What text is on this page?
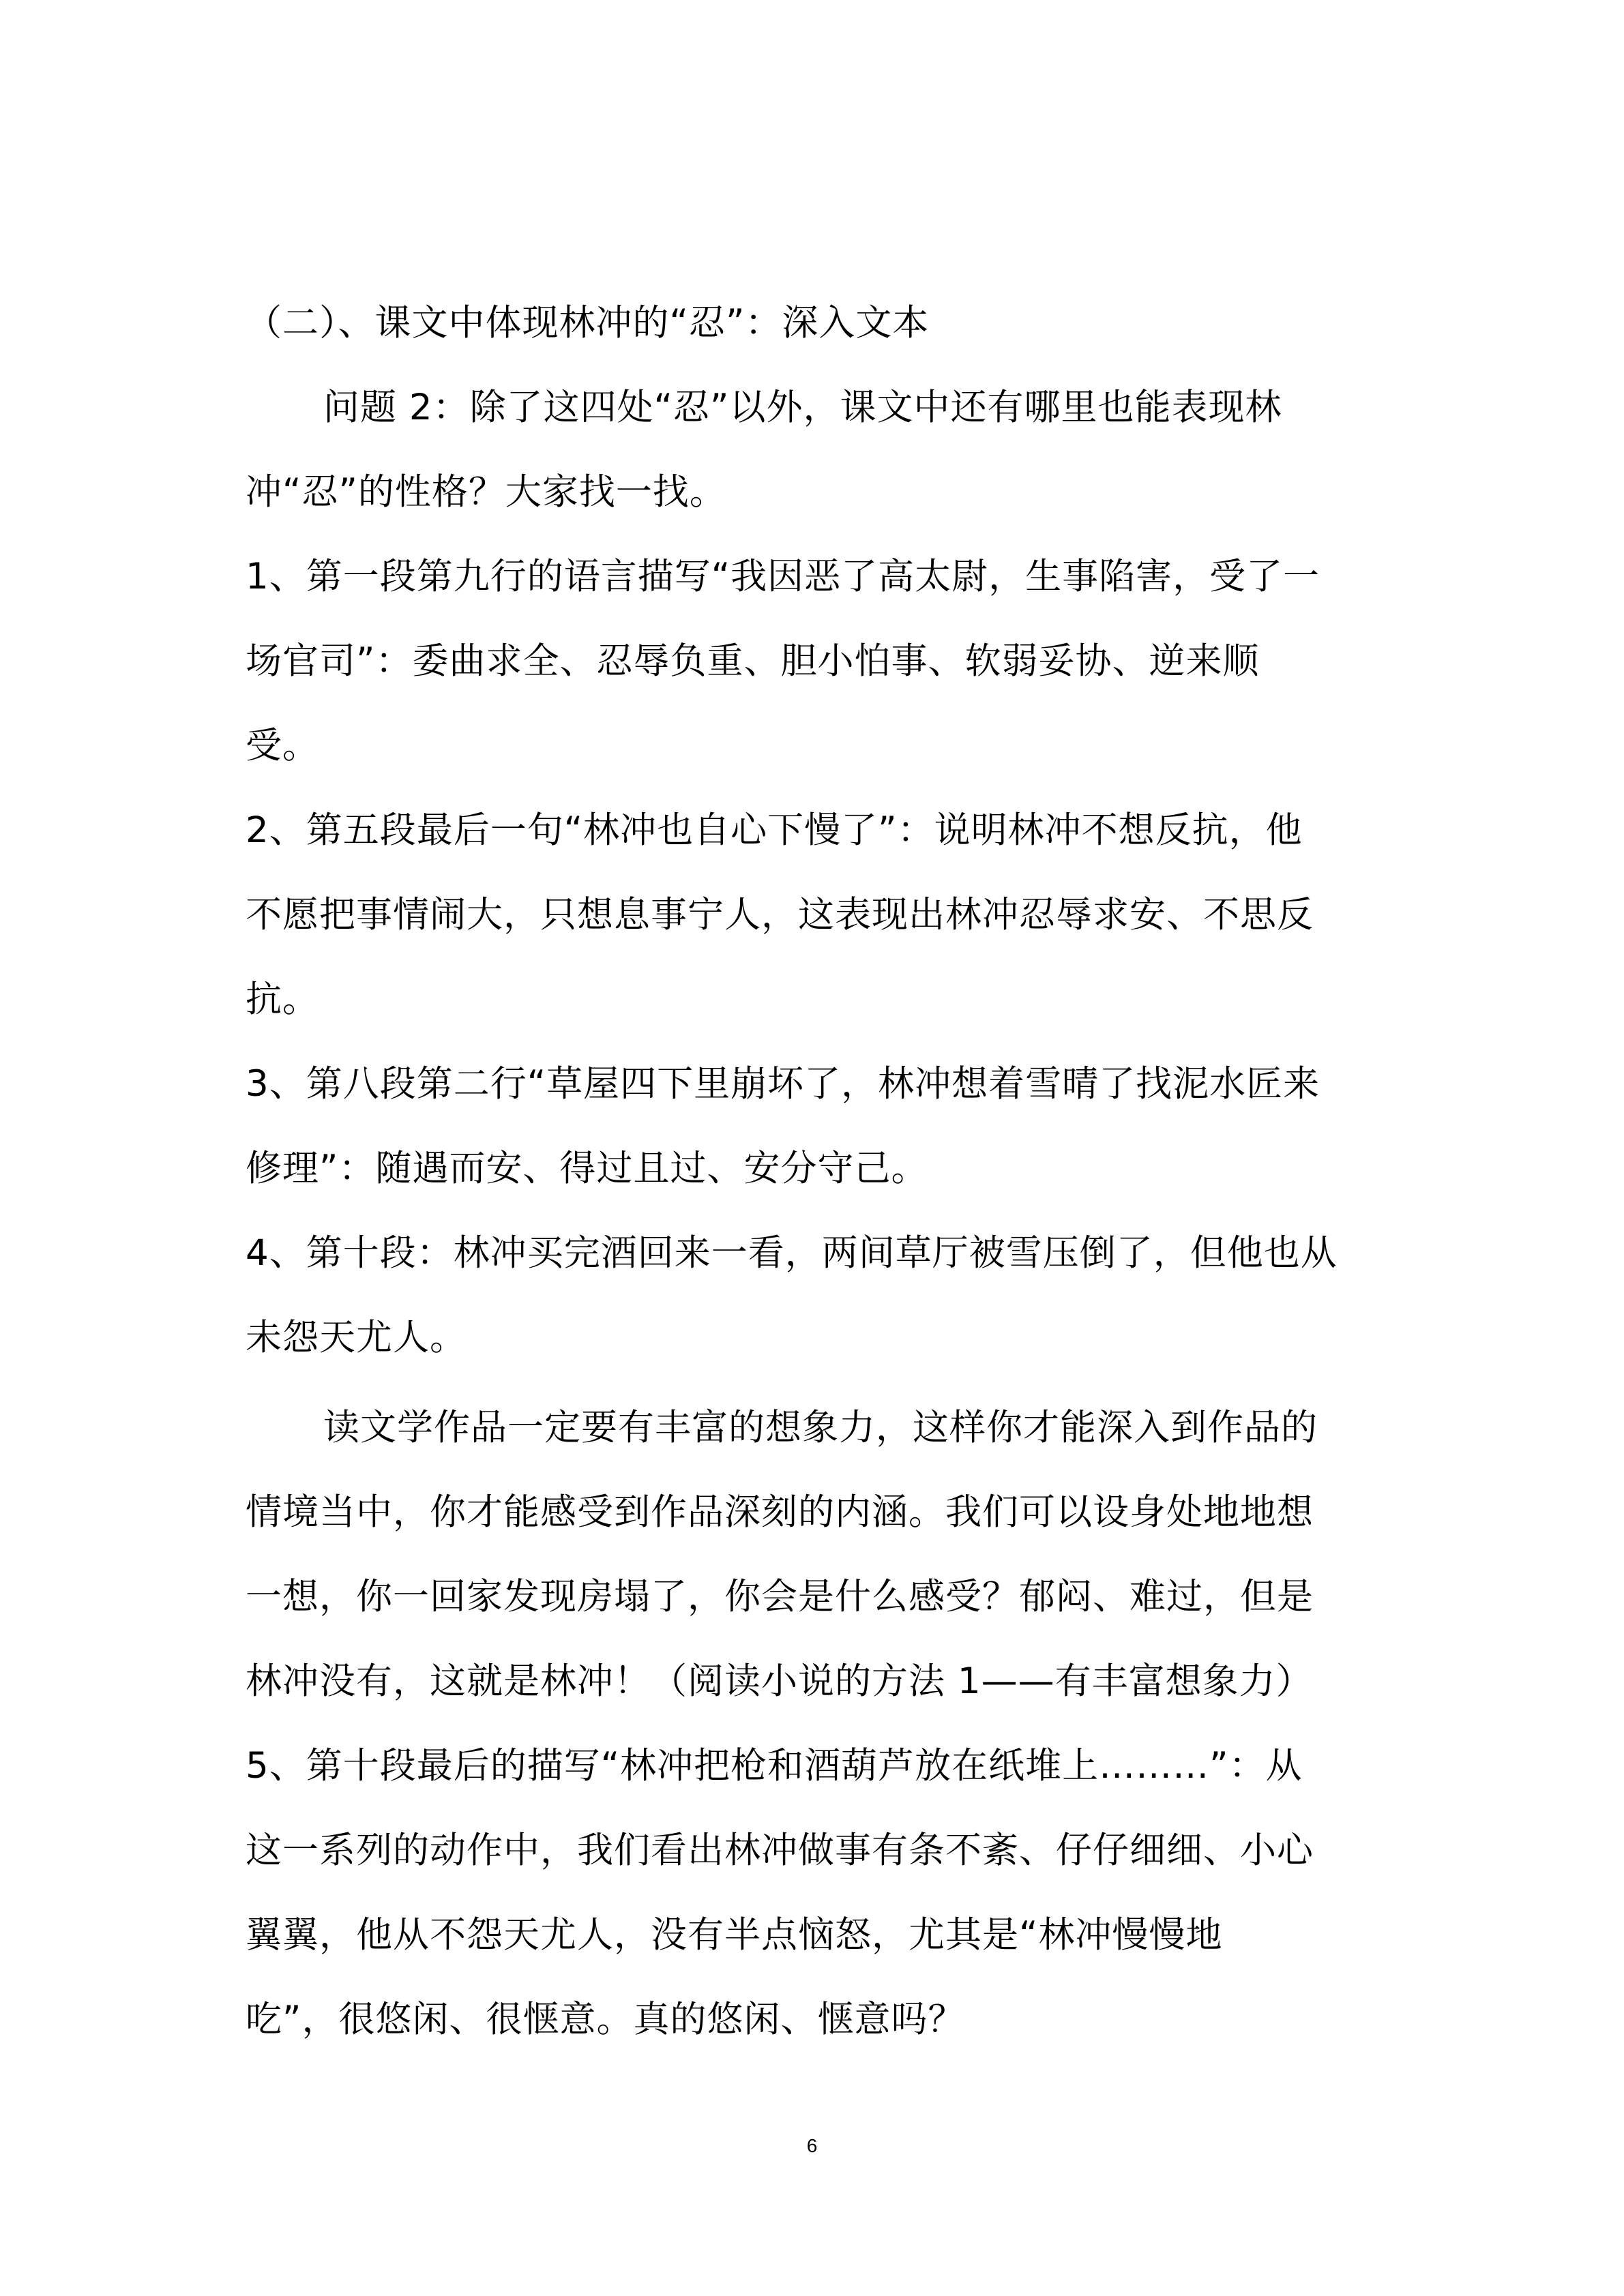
（二）、课文中体现林冲的“忍”：深入文本
问题 2：除了这四处“忍”以外，课文中还有哪里也能表现林
冲“忍”的性格？大家找一找。
1、第一段第九行的语言描写“我因恶了高太尉，生事陷害，受了一
场官司”：委曲求全、忍辱负重、胆小怕事、软弱妥协、逆来顺
受。
2、第五段最后一句“林冲也自心下慢了”：说明林冲不想反抗，他
不愿把事情闹大，只想息事宁人，这表现出林冲忍辱求安、不思反
抗。
3、第八段第二行“草屋四下里崩坏了，林冲想着雪晴了找泥水匠来
修理”：随遇而安、得过且过、安分守己。
4、第十段：林冲买完酒回来一看，两间草厅被雪压倒了，但他也从
未怨天尤人。
读文学作品一定要有丰富的想象力，这样你才能深入到作品的
情境当中，你才能感受到作品深刻的内涵。我们可以设身处地地想
一想，你一回家发现房塌了，你会是什么感受？郁闷、难过，但是
林冲没有，这就是林冲！（阅读小说的方法 1——有丰富想象力）
5、第十段最后的描写“林冲把枪和酒葫芦放在纸堆上………”：从
这一系列的动作中，我们看出林冲做事有条不紊、仔仔细细、小心
翼翼，他从不怨天尤人，没有半点恼怒，尤其是“林冲慢慢地
吃”，很悠闲、很惬意。真的悠闲、惬意吗？
6
